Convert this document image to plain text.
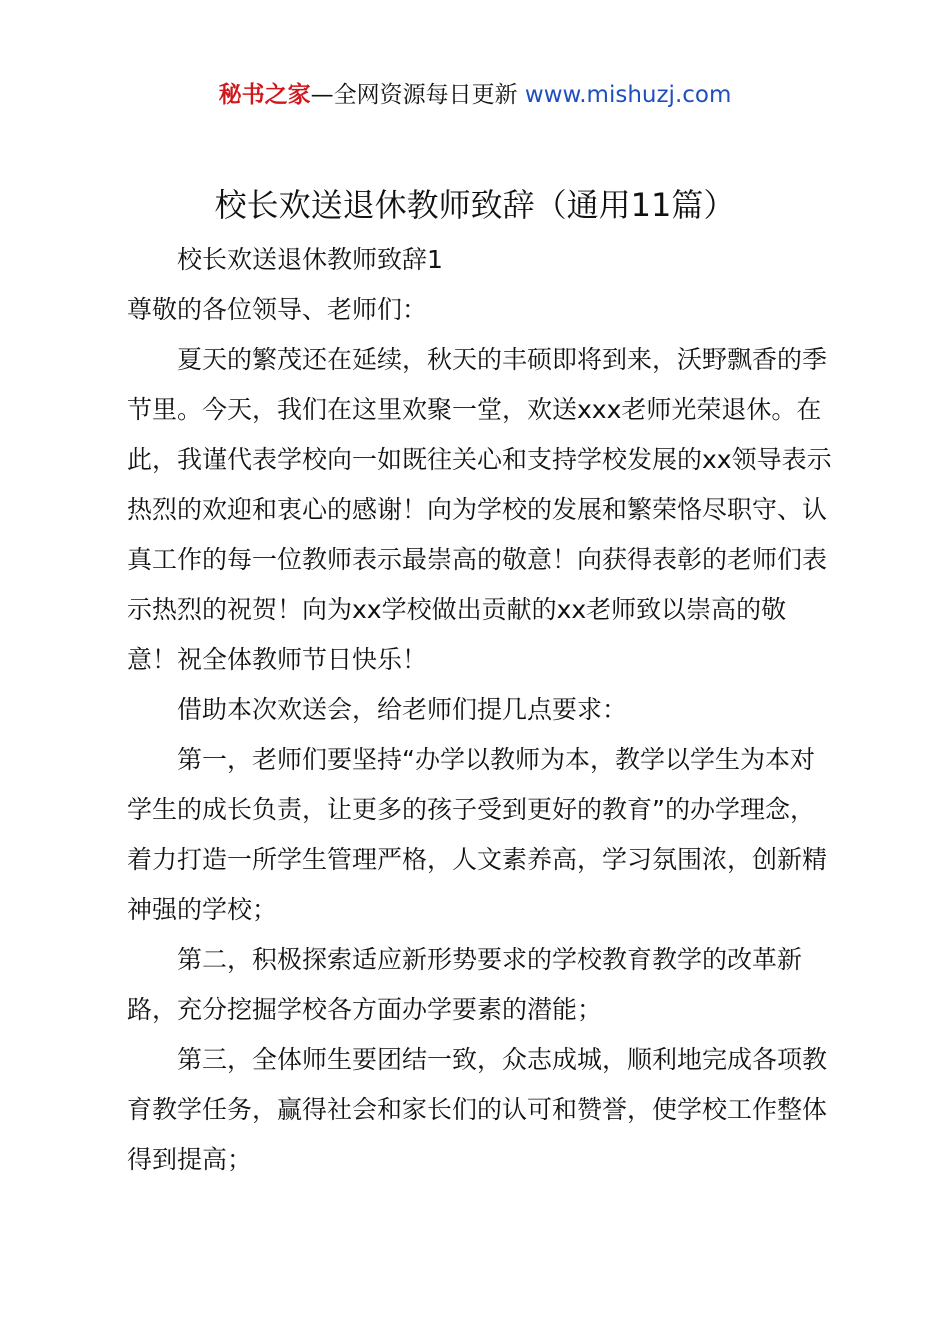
秘书之家—全网资源每日更新 www.mishuzj.com
校长欢送退休教师致辞（通用11篇）

校长欢送退休教师致辞1

尊敬的各位领导、老师们：

夏天的繁茂还在延续，秋天的丰硕即将到来，沃野飘香的季节里。今天，我们在这里欢聚一堂，欢送xxx老师光荣退休。在此，我谨代表学校向一如既往关心和支持学校发展的xx领导表示热烈的欢迎和衷心的感谢！向为学校的发展和繁荣恪尽职守、认真工作的每一位教师表示最崇高的敬意！向获得表彰的老师们表示热烈的祝贺！向为xx学校做出贡献的xx老师致以崇高的敬意！祝全体教师节日快乐！

借助本次欢送会，给老师们提几点要求：

第一，老师们要坚持“办学以教师为本，教学以学生为本对学生的成长负责，让更多的孩子受到更好的教育”的办学理念，着力打造一所学生管理严格，人文素养高，学习氛围浓，创新精神强的学校；

第二，积极探索适应新形势要求的学校教育教学的改革新路，充分挖掘学校各方面办学要素的潜能；

第三，全体师生要团结一致，众志成城，顺利地完成各项教育教学任务，赢得社会和家长们的认可和赞誉，使学校工作整体得到提高；
